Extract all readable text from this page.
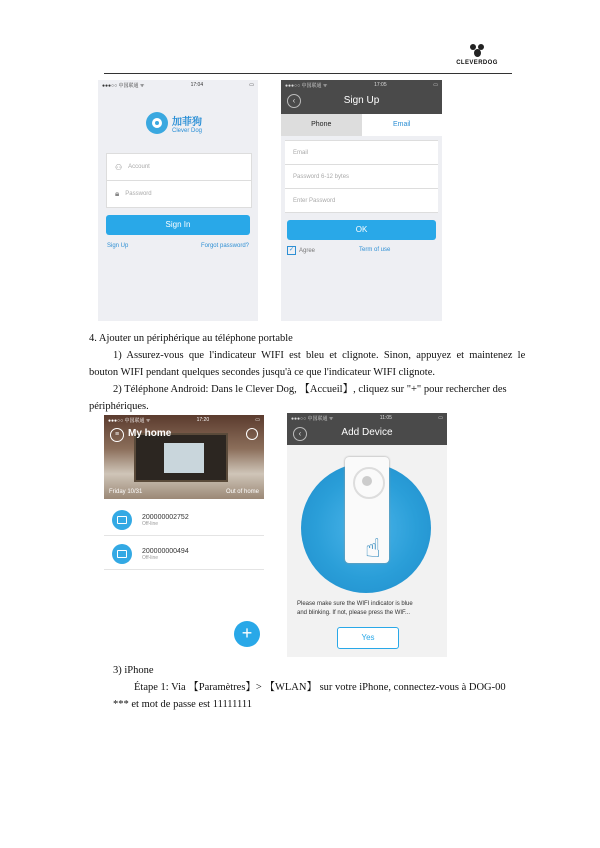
CLEVERDOG
●●●○○ 中国联通 ᯤ	17:04	▭
加菲狗
Clever Dog
⚇ Account
🔒︎ Password
Sign In
Sign Up	Forgot password?
●●●○○ 中国联通 ᯤ	17:05	▭
‹	Sign Up
Phone	Email
Email
Password 6-12 bytes
Enter Password
OK
✓ Agree	Term of use
4. Ajouter un périphérique au téléphone portable
1)  Assurez-vous  que  l'indicateur  WIFI  est  bleu  et  clignote.  Sinon,  appuyez  et  maintenez  le
bouton WIFI pendant quelques secondes jusqu'à ce que l'indicateur WIFI clignote.
2) Téléphone Android: Dans le Clever Dog, 【Accueil】, cliquez sur "+" pour rechercher des
périphériques.
●●●○○ 中国联通 ᯤ	17:20	▭
≡ My home
Friday 10/31	Out of home
200000002752
Off-line
200000000494
Off-line
+
●●●○○ 中国联通 ᯤ	11:05	▭
‹	Add Device
☝︎
Please make sure the WIFI indicator is blue
and blinking. If not, please press the WIF...
Yes
3) iPhone
Étape 1: Via 【Paramètres】> 【WLAN】 sur votre iPhone, connectez-vous à DOG-00
*** et mot de passe est 11111111
